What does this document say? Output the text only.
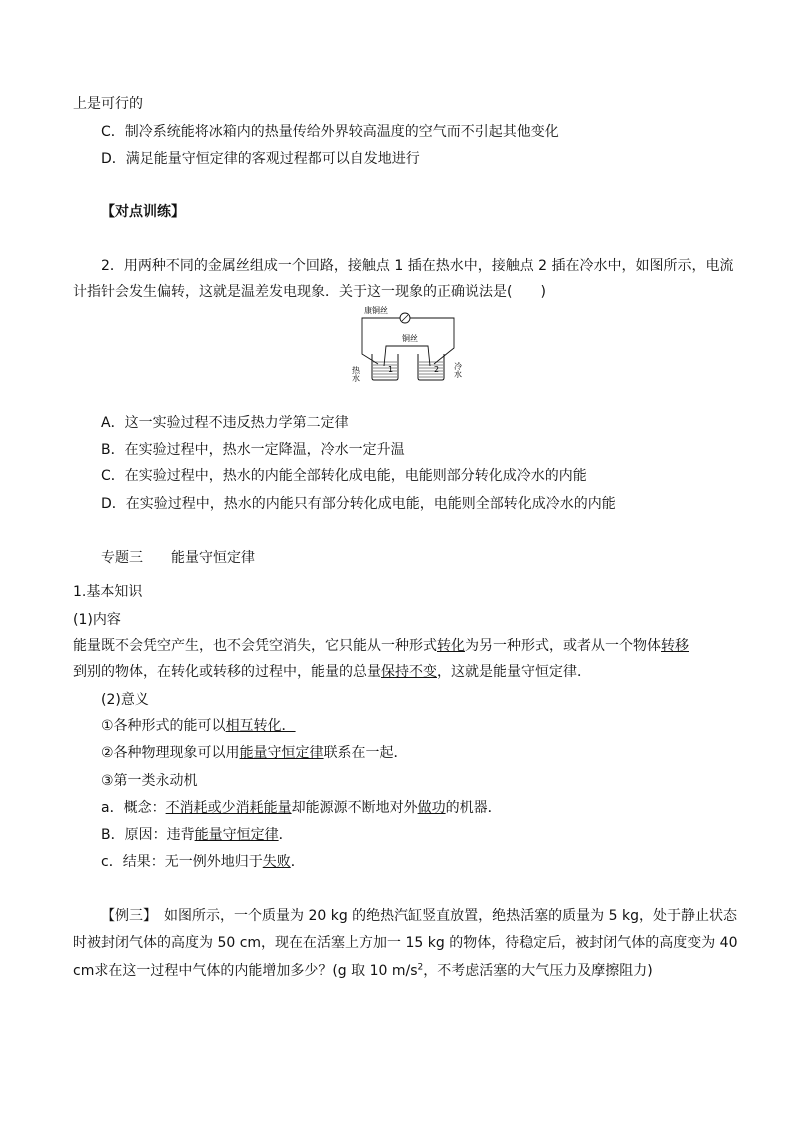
上是可行的
C．制冷系统能将冰箱内的热量传给外界较高温度的空气而不引起其他变化
D．满足能量守恒定律的客观过程都可以自发地进行
【对点训练】
2．用两种不同的金属丝组成一个回路，接触点 1 插在热水中，接触点 2 插在冷水中，如图所示，电流
计指针会发生偏转，这就是温差发电现象．关于这一现象的正确说法是(　　)
康铜丝
铜丝
1	2
热水	冷水
A．这一实验过程不违反热力学第二定律
B．在实验过程中，热水一定降温，冷水一定升温
C．在实验过程中，热水的内能全部转化成电能，电能则部分转化成冷水的内能
D．在实验过程中，热水的内能只有部分转化成电能，电能则全部转化成冷水的内能
专题三　　能量守恒定律
1.基本知识
(1)内容
能量既不会凭空产生，也不会凭空消失，它只能从一种形式转化为另一种形式，或者从一个物体转移
到别的物体，在转化或转移的过程中，能量的总量保持不变，这就是能量守恒定律．
(2)意义
①各种形式的能可以相互转化．
②各种物理现象可以用能量守恒定律联系在一起．
③第一类永动机
a．概念：不消耗或少消耗能量却能源源不断地对外做功的机器．
B．原因：违背能量守恒定律．
c．结果：无一例外地归于失败．
【例三】　如图所示，一个质量为 20 kg 的绝热汽缸竖直放置，绝热活塞的质量为 5 kg，处于静止状态
时被封闭气体的高度为 50 cm，现在在活塞上方加一 15 kg 的物体，待稳定后，被封闭气体的高度变为 40
cm求在这一过程中气体的内能增加多少？(g 取 10 $m/s^2$，不考虑活塞的大气压力及摩擦阻力)
